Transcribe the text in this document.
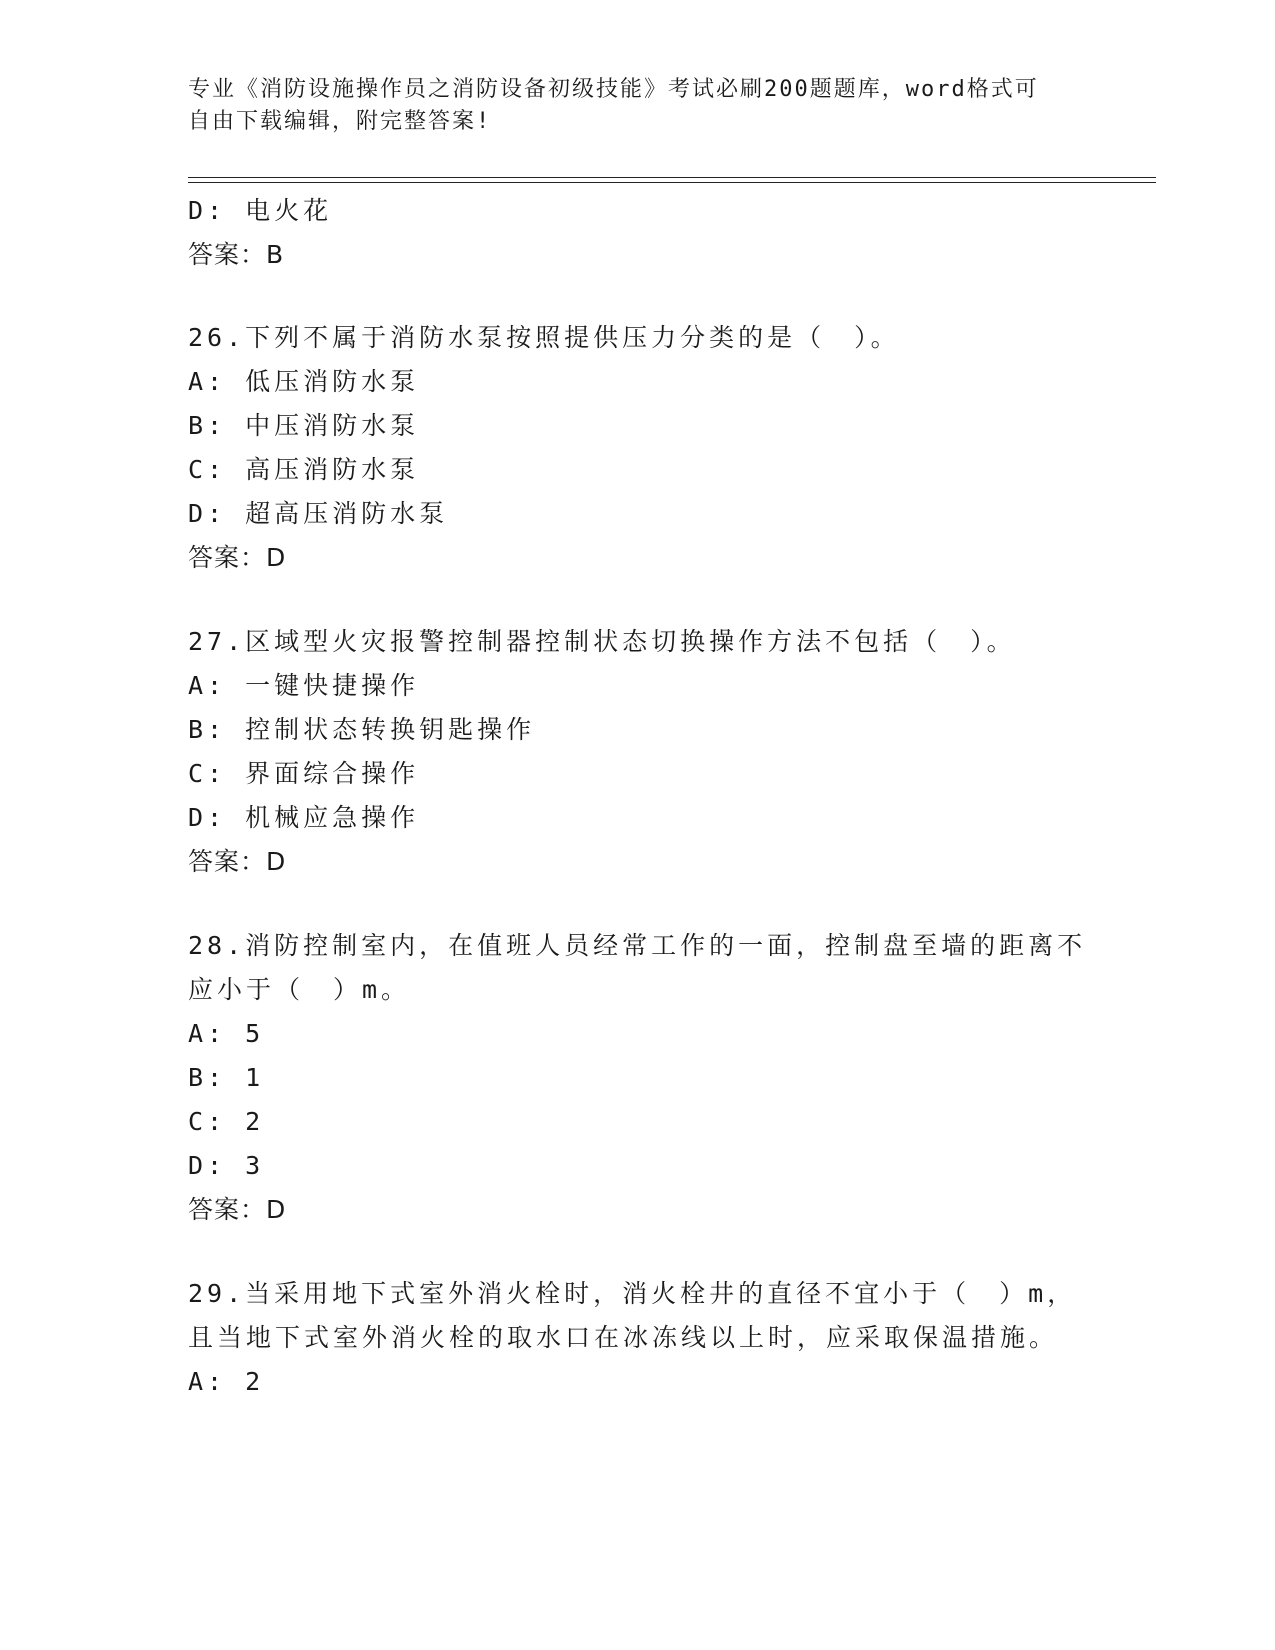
专业《消防设施操作员之消防设备初级技能》考试必刷200题题库，word格式可
自由下载编辑，附完整答案!
D: 电火花
答案：B
26.下列不属于消防水泵按照提供压力分类的是（　）。
A: 低压消防水泵
B: 中压消防水泵
C: 高压消防水泵
D: 超高压消防水泵
答案：D
27.区域型火灾报警控制器控制状态切换操作方法不包括（　）。
A: 一键快捷操作
B: 控制状态转换钥匙操作
C: 界面综合操作
D: 机械应急操作
答案：D
28.消防控制室内，在值班人员经常工作的一面，控制盘至墙的距离不
应小于（　）m。
A: 5
B: 1
C: 2
D: 3
答案：D
29.当采用地下式室外消火栓时，消火栓井的直径不宜小于（　）m，
且当地下式室外消火栓的取水口在冰冻线以上时，应采取保温措施。
A: 2
